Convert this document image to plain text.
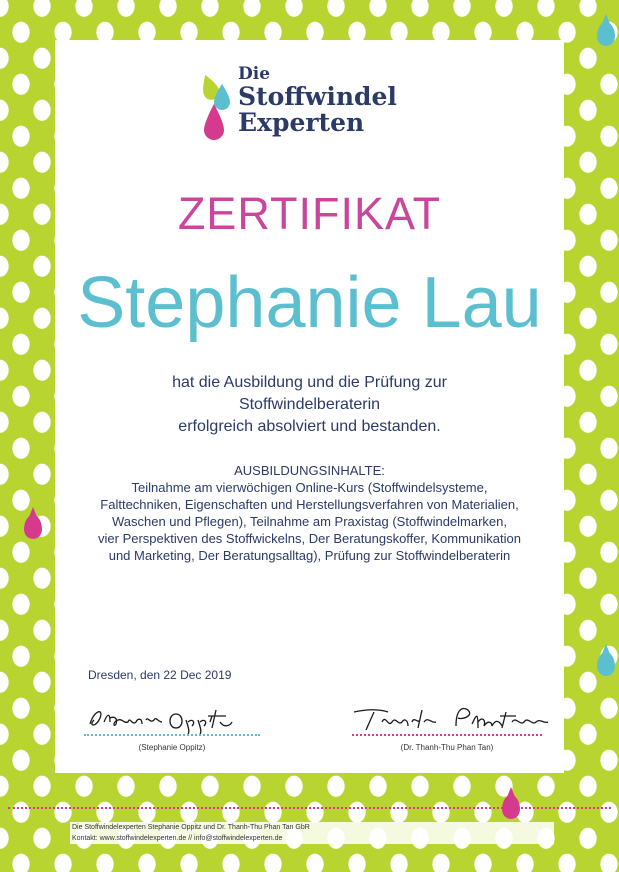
Die
Stoffwindel
Experten
ZERTIFIKAT
Stephanie Lau
hat die Ausbildung und die Prüfung zur
Stoffwindelberaterin
erfolgreich absolviert und bestanden.
AUSBILDUNGSINHALTE:
Teilnahme am vierwöchigen Online-Kurs (Stoffwindelsysteme,
Falttechniken, Eigenschaften und Herstellungsverfahren von Materialien,
Waschen und Pflegen), Teilnahme am Praxistag (Stoffwindelmarken,
vier Perspektiven des Stoffwickelns, Der Beratungskoffer, Kommunikation
und Marketing, Der Beratungsalltag), Prüfung zur Stoffwindelberaterin
Dresden, den 22 Dec 2019
(Stephanie Oppitz)	(Dr. Thanh-Thu Phan Tan)
Die Stoffwindelexperten Stephanie Oppitz und Dr. Thanh-Thu Phan Tan GbR
Kontakt: www.stoffwindelexperten.de // info@stoffwindelexperten.de
